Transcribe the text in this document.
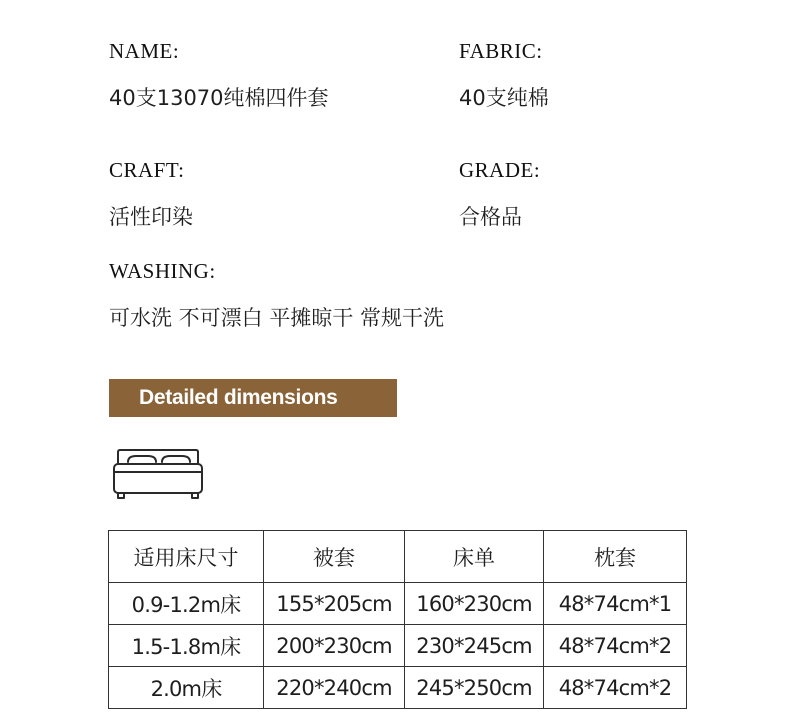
NAME:
40支13070纯棉四件套
FABRIC:
40支纯棉
CRAFT:
活性印染
GRADE:
合格品
WASHING:
可水洗 不可漂白 平摊晾干 常规干洗
Detailed dimensions
适用床尺寸	被套	床单	枕套
0.9-1.2m床	155*205cm	160*230cm	48*74cm*1
1.5-1.8m床	200*230cm	230*245cm	48*74cm*2
2.0m床	220*240cm	245*250cm	48*74cm*2
